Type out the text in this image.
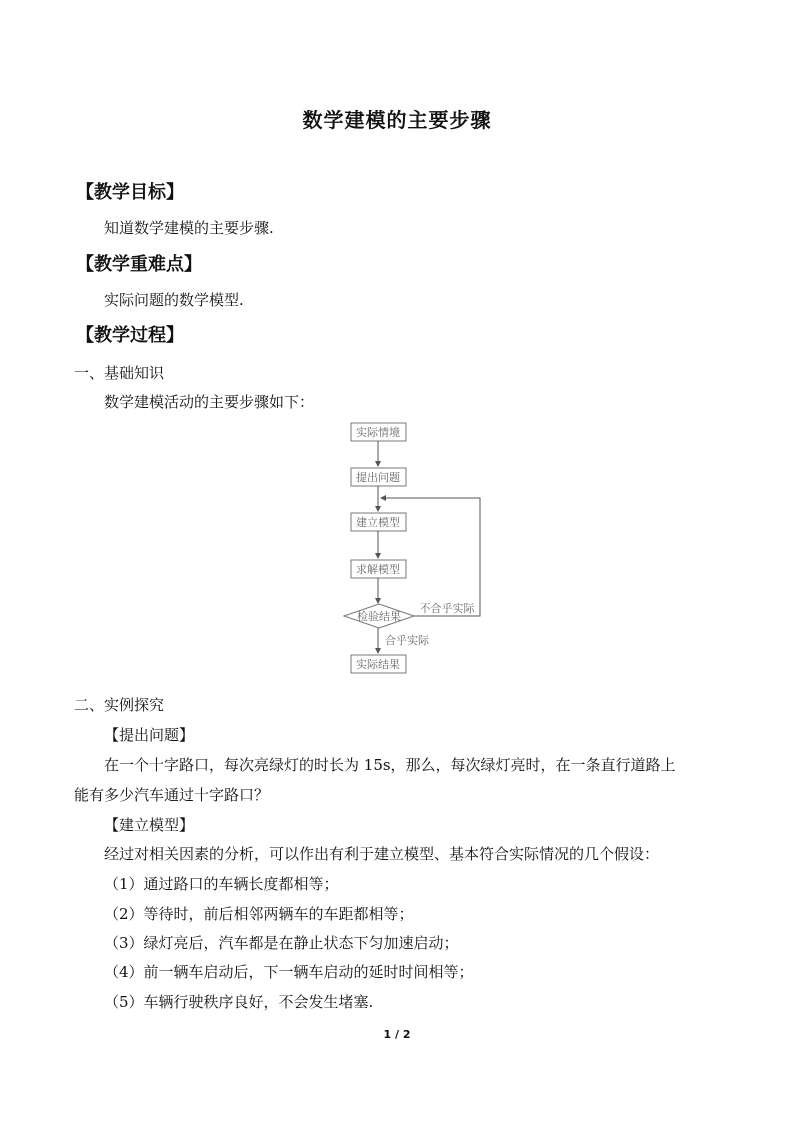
数学建模的主要步骤
【教学目标】
知道数学建模的主要步骤.
【教学重难点】
实际问题的数学模型.
【教学过程】
一、基础知识
数学建模活动的主要步骤如下：
实际情境
提出问题
建立模型
求解模型
检验结果
实际结果
不合乎实际
合乎实际
二、实例探究
【提出问题】
在一个十字路口，每次亮绿灯的时长为 15s，那么，每次绿灯亮时，在一条直行道路上
能有多少汽车通过十字路口？
【建立模型】
经过对相关因素的分析，可以作出有利于建立模型、基本符合实际情况的几个假设：
（1）通过路口的车辆长度都相等；
（2）等待时，前后相邻两辆车的车距都相等；
（3）绿灯亮后，汽车都是在静止状态下匀加速启动；
（4）前一辆车启动后，下一辆车启动的延时时间相等；
（5）车辆行驶秩序良好，不会发生堵塞.
1 / 2
